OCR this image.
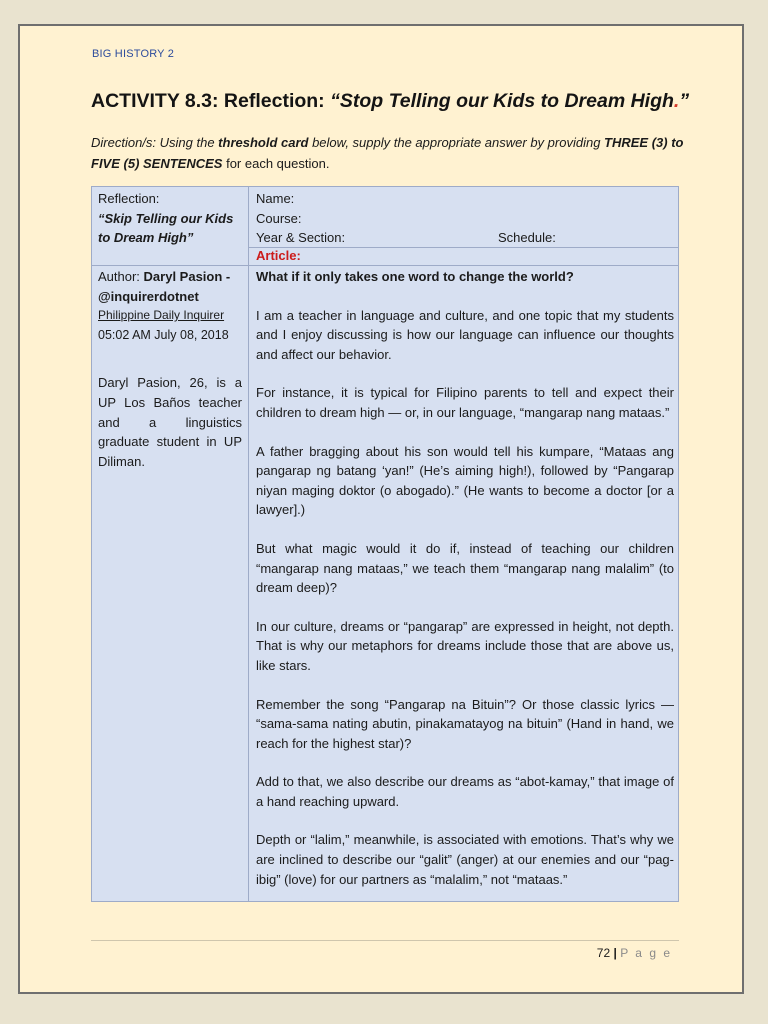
BIG HISTORY 2
ACTIVITY 8.3: Reflection: “Stop Telling our Kids to Dream High.”
Direction/s: Using the threshold card below, supply the appropriate answer by providing THREE (3) to FIVE (5) SENTENCES for each question.
Reflection:
“Skip Telling our Kids
to Dream High”
Name:
Course:
Year & Section:	Schedule:
Article:
Author: Daryl Pasion -
@inquirerdotnet
Philippine Daily Inquirer
05:02 AM July 08, 2018
Daryl Pasion, 26, is a UP Los Baños teacher and a linguistics graduate student in UP Diliman.
What if it only takes one word to change the world?

I am a teacher in language and culture, and one topic that my students and I enjoy discussing is how our language can influence our thoughts and affect our behavior.

For instance, it is typical for Filipino parents to tell and expect their children to dream high — or, in our language, “mangarap nang mataas.”

A father bragging about his son would tell his kumpare, “Mataas ang pangarap ng batang ‘yan!” (He’s aiming high!), followed by “Pangarap niyan maging doktor (o abogado).” (He wants to become a doctor [or a lawyer].)

But what magic would it do if, instead of teaching our children “mangarap nang mataas,” we teach them “mangarap nang malalim” (to dream deep)?

In our culture, dreams or “pangarap” are expressed in height, not depth. That is why our metaphors for dreams include those that are above us, like stars.

Remember the song “Pangarap na Bituin”? Or those classic lyrics — “sama-sama nating abutin, pinakamatayog na bituin” (Hand in hand, we reach for the highest star)?

Add to that, we also describe our dreams as “abot-kamay,” that image of a hand reaching upward.

Depth or “lalim,” meanwhile, is associated with emotions. That’s why we are inclined to describe our “galit” (anger) at our enemies and our “pag-ibig” (love) for our partners as “malalim,” not “mataas.”

72 | P a g e
